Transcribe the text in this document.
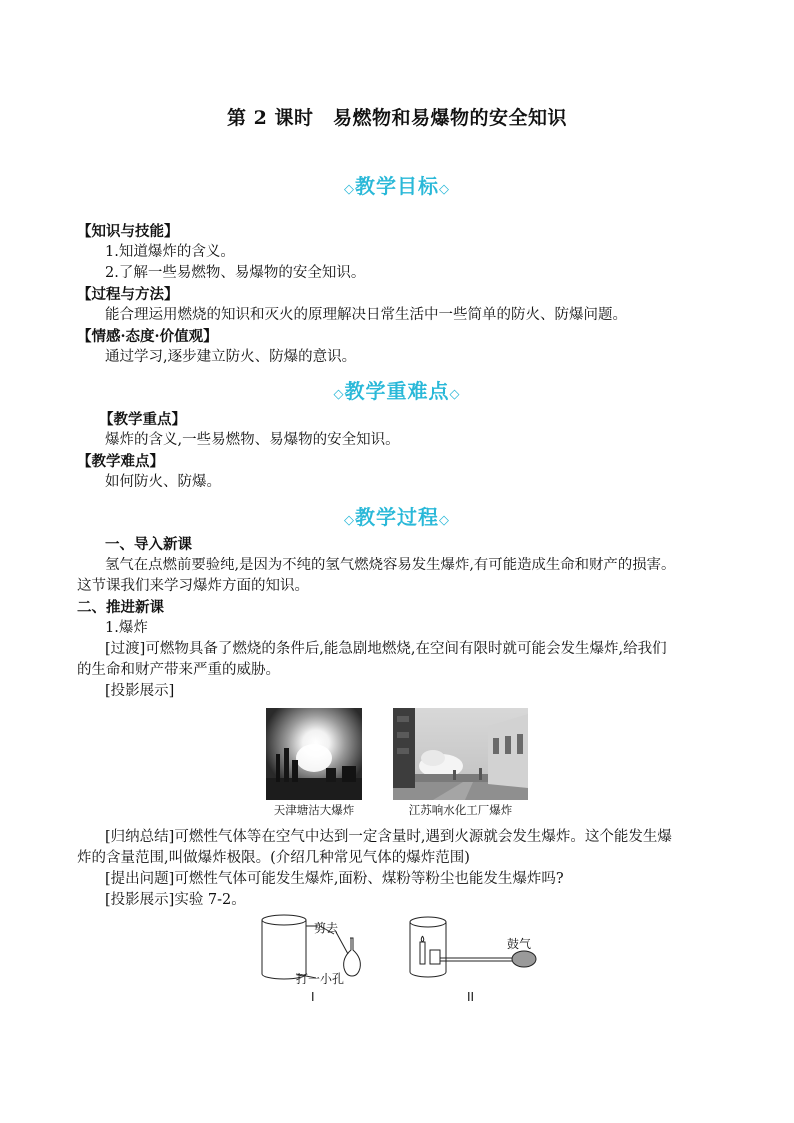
第 2 课时　易燃物和易爆物的安全知识
◇教学目标◇
【知识与技能】
1.知道爆炸的含义。
2.了解一些易燃物、易爆物的安全知识。
【过程与方法】
能合理运用燃烧的知识和灭火的原理解决日常生活中一些简单的防火、防爆问题。
【情感·态度·价值观】
通过学习,逐步建立防火、防爆的意识。
◇教学重难点◇
【教学重点】
爆炸的含义,一些易燃物、易爆物的安全知识。
【教学难点】
如何防火、防爆。
◇教学过程◇
一、导入新课
氢气在点燃前要验纯,是因为不纯的氢气燃烧容易发生爆炸,有可能造成生命和财产的损害。
这节课我们来学习爆炸方面的知识。
二、推进新课
1.爆炸
[过渡]可燃物具备了燃烧的条件后,能急剧地燃烧,在空间有限时就可能会发生爆炸,给我们
的生命和财产带来严重的威胁。
[投影展示]
天津塘沽大爆炸	江苏响水化工厂爆炸
[归纳总结]可燃性气体等在空气中达到一定含量时,遇到火源就会发生爆炸。这个能发生爆
炸的含量范围,叫做爆炸极限。(介绍几种常见气体的爆炸范围)
[提出问题]可燃性气体可能发生爆炸,面粉、煤粉等粉尘也能发生爆炸吗?
[投影展示]实验 7-2。
剪去
打一小孔
I
鼓气
II
